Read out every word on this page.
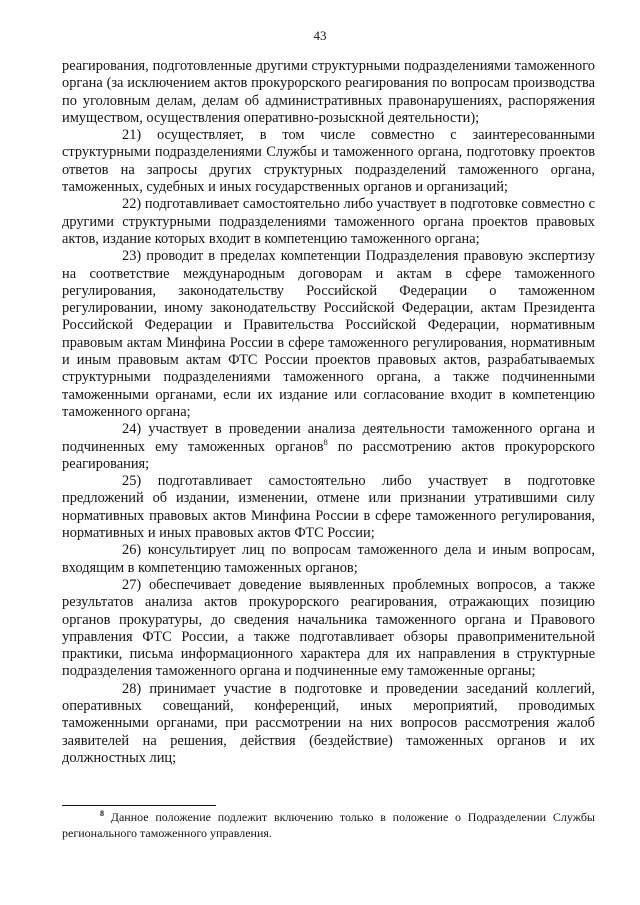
43

реагирования, подготовленные другими структурными подразделениями таможенного органа (за исключением актов прокурорского реагирования по вопросам производства по уголовным делам, делам об административных правонарушениях, распоряжения имуществом, осуществления оперативно-розыскной деятельности);

21) осуществляет, в том числе совместно с заинтересованными структурными подразделениями Службы и таможенного органа, подготовку проектов ответов на запросы других структурных подразделений таможенного органа, таможенных, судебных и иных государственных органов и организаций;

22) подготавливает самостоятельно либо участвует в подготовке совместно с другими структурными подразделениями таможенного органа проектов правовых актов, издание которых входит в компетенцию таможенного органа;

23) проводит в пределах компетенции Подразделения правовую экспертизу на соответствие международным договорам и актам в сфере таможенного регулирования, законодательству Российской Федерации о таможенном регулировании, иному законодательству Российской Федерации, актам Президента Российской Федерации и Правительства Российской Федерации, нормативным правовым актам Минфина России в сфере таможенного регулирования, нормативным и иным правовым актам ФТС России проектов правовых актов, разрабатываемых структурными подразделениями таможенного органа, а также подчиненными таможенными органами, если их издание или согласование входит в компетенцию таможенного органа;

24) участвует в проведении анализа деятельности таможенного органа и подчиненных ему таможенных органов$^8$ по рассмотрению актов прокурорского реагирования;

25) подготавливает самостоятельно либо участвует в подготовке предложений об издании, изменении, отмене или признании утратившими силу нормативных правовых актов Минфина России в сфере таможенного регулирования, нормативных и иных правовых актов ФТС России;

26) консультирует лиц по вопросам таможенного дела и иным вопросам, входящим в компетенцию таможенных органов;

27) обеспечивает доведение выявленных проблемных вопросов, а также результатов анализа актов прокурорского реагирования, отражающих позицию органов прокуратуры, до сведения начальника таможенного органа и Правового управления ФТС России, а также подготавливает обзоры правоприменительной практики, письма информационного характера для их направления в структурные подразделения таможенного органа и подчиненные ему таможенные органы;

28) принимает участие в подготовке и проведении заседаний коллегий, оперативных совещаний, конференций, иных мероприятий, проводимых таможенными органами, при рассмотрении на них вопросов рассмотрения жалоб заявителей на решения, действия (бездействие) таможенных органов и их должностных лиц;

$^8$ Данное положение подлежит включению только в положение о Подразделении Службы регионального таможенного управления.
